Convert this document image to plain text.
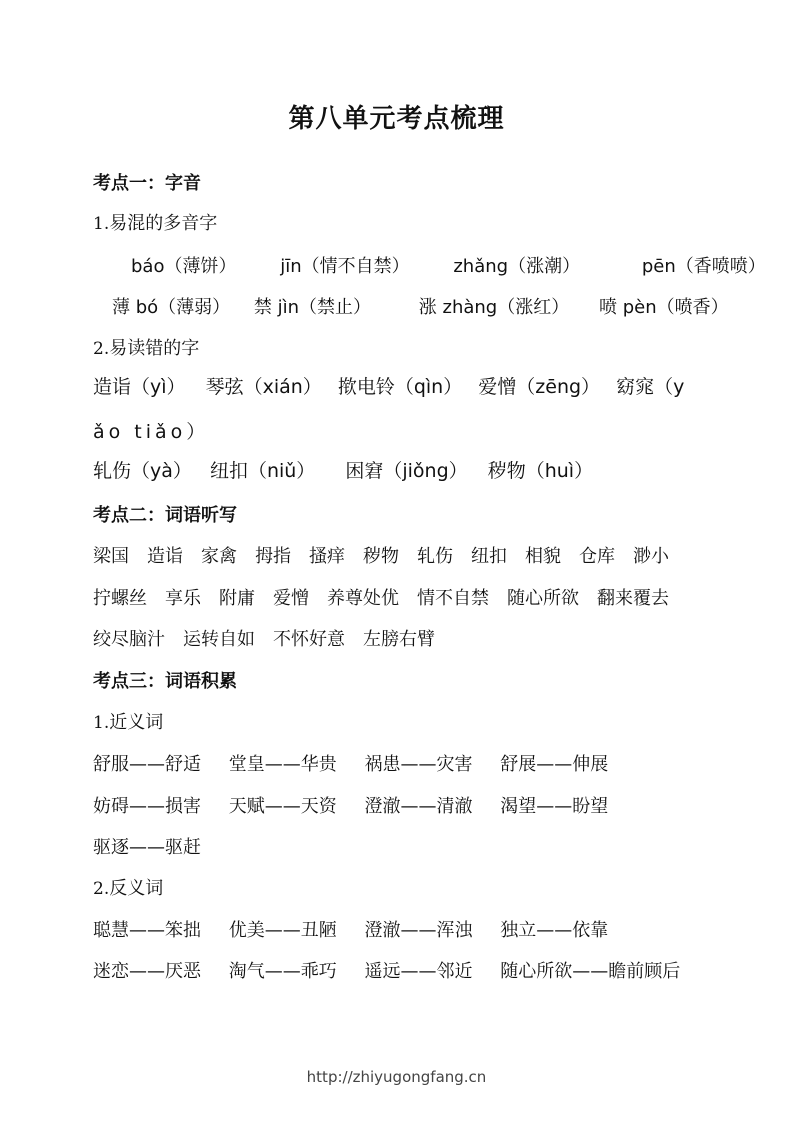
第八单元考点梳理
考点一：字音
1.易混的多音字
báo（薄饼） jīn（情不自禁） zhǎng（涨潮）	pēn（香喷喷）
薄 bó（薄弱） 禁 jìn（禁止）	涨 zhàng（涨红） 喷 pèn（喷香）
2.易读错的字
造诣（yì） 琴弦（xián） 揿电铃（qìn） 爱憎（zēng） 窈窕（y
ǎo tiǎo）
轧伤（yà） 纽扣（niǔ） 困窘（jiǒng） 秽物（huì）
考点二：词语听写
梁国 造诣 家禽 拇指 搔痒 秽物 轧伤 纽扣 相貌 仓库 渺小
拧螺丝 享乐 附庸 爱憎 养尊处优 情不自禁 随心所欲 翻来覆去
绞尽脑汁 运转自如 不怀好意 左膀右臂
考点三：词语积累
1.近义词
舒服——舒适 堂皇——华贵 祸患——灾害 舒展——伸展
妨碍——损害 天赋——天资 澄澈——清澈 渴望——盼望
驱逐——驱赶
2.反义词
聪慧——笨拙 优美——丑陋 澄澈——浑浊 独立——依靠
迷恋——厌恶 淘气——乖巧 遥远——邻近 随心所欲——瞻前顾后
http://zhiyugongfang.cn
